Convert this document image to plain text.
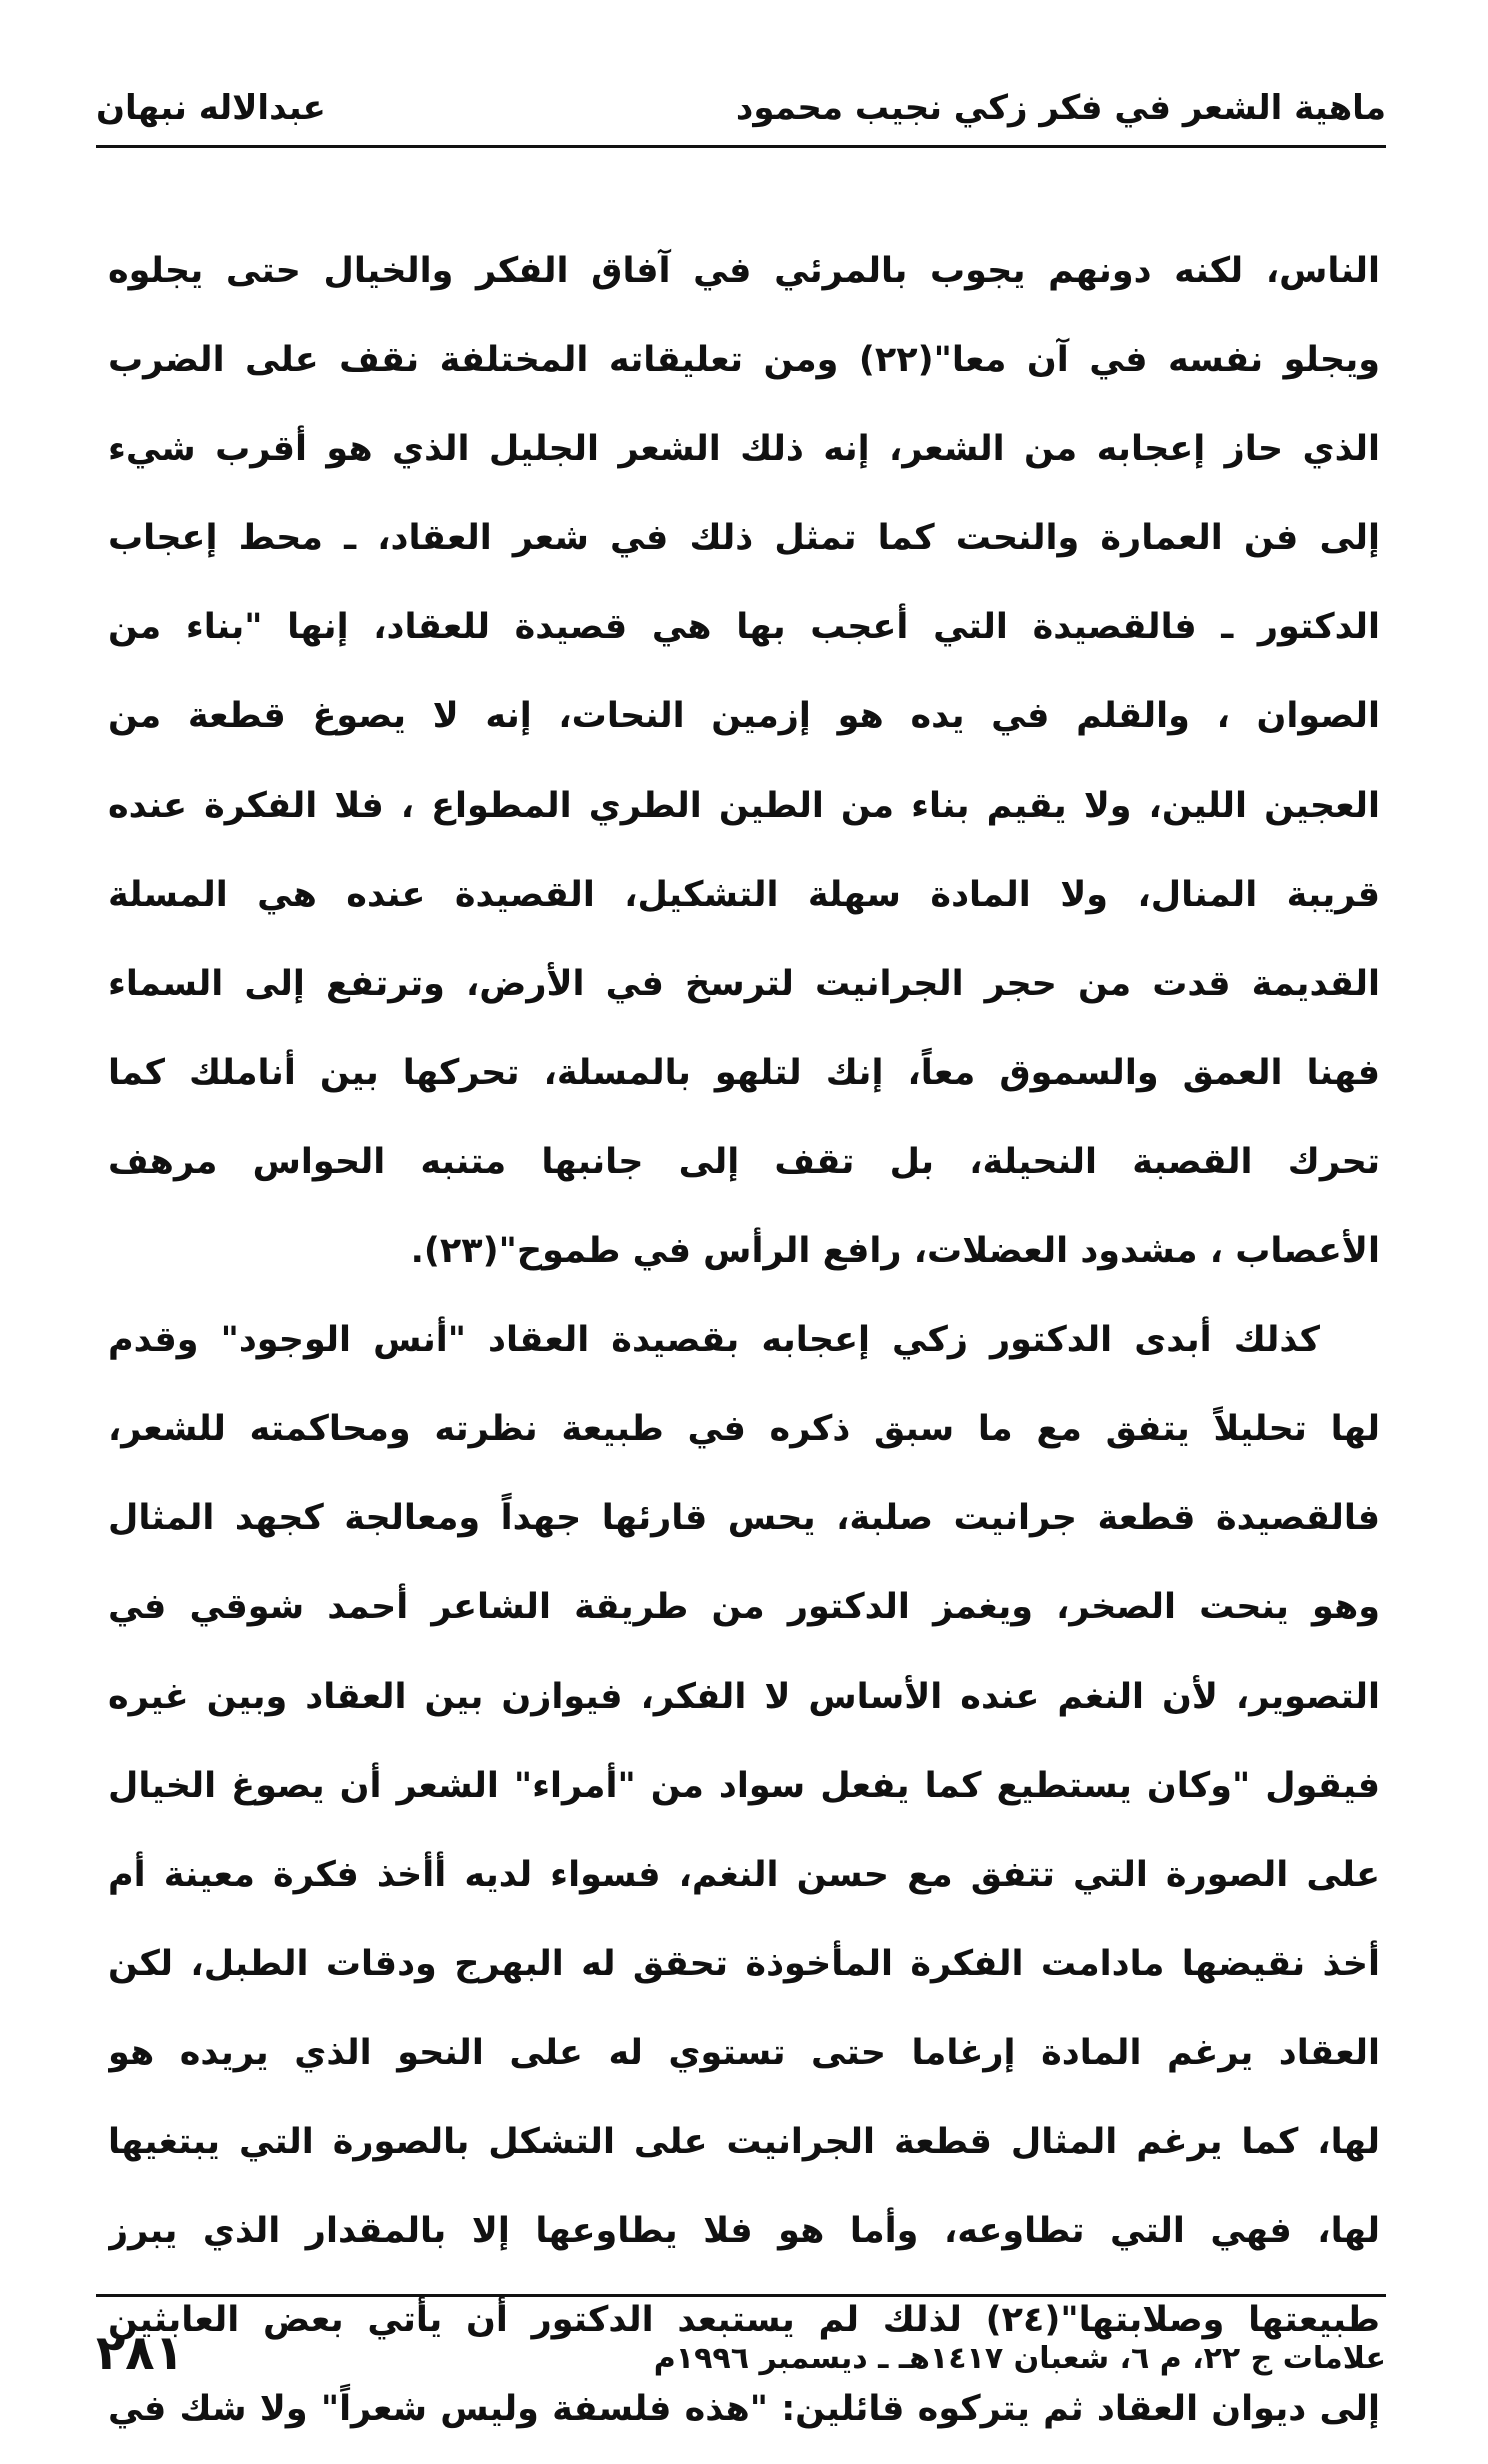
ماهية الشعر في فكر زكي نجيب محمود
عبدالاله نبهان
الناس، لكنه دونهم يجوب بالمرئي في آفاق الفكر والخيال حتى يجلوه
ويجلو نفسه في آن معا"(٢٢) ومن تعليقاته المختلفة نقف على الضرب
الذي حاز إعجابه من الشعر، إنه ذلك الشعر الجليل الذي هو أقرب شيء
إلى فن العمارة والنحت كما تمثل ذلك في شعر العقاد، ـ محط إعجاب
الدكتور ـ فالقصيدة التي أعجب بها هي قصيدة للعقاد، إنها "بناء من
الصوان ، والقلم في يده هو إزمين النحات، إنه لا يصوغ قطعة من
العجين اللين، ولا يقيم بناء من الطين الطري المطواع ، فلا الفكرة عنده
قريبة المنال، ولا المادة سهلة التشكيل، القصيدة عنده هي المسلة
القديمة قدت من حجر الجرانيت لترسخ في الأرض، وترتفع إلى السماء
فهنا العمق والسموق معاً، إنك لتلهو بالمسلة، تحركها بين أناملك كما
تحرك القصبة النحيلة، بل تقف إلى جانبها متنبه الحواس مرهف
الأعصاب ، مشدود العضلات، رافع الرأس في طموح"(٢٣).
كذلك أبدى الدكتور زكي إعجابه بقصيدة العقاد "أنس الوجود" وقدم
لها تحليلاً يتفق مع ما سبق ذكره في طبيعة نظرته ومحاكمته للشعر،
فالقصيدة قطعة جرانيت صلبة، يحس قارئها جهداً ومعالجة كجهد المثال
وهو ينحت الصخر، ويغمز الدكتور من طريقة الشاعر أحمد شوقي في
التصوير، لأن النغم عنده الأساس لا الفكر، فيوازن بين العقاد وبين غيره
فيقول "وكان يستطيع كما يفعل سواد من "أمراء" الشعر أن يصوغ الخيال
على الصورة التي تتفق مع حسن النغم، فسواء لديه أأخذ فكرة معينة أم
أخذ نقيضها مادامت الفكرة المأخوذة تحقق له البهرج ودقات الطبل، لكن
العقاد يرغم المادة إرغاما حتى تستوي له على النحو الذي يريده هو
لها، كما يرغم المثال قطعة الجرانيت على التشكل بالصورة التي يبتغيها
لها، فهي التي تطاوعه، وأما هو فلا يطاوعها إلا بالمقدار الذي يبرز
طبيعتها وصلابتها"(٢٤) لذلك لم يستبعد الدكتور أن يأتي بعض العابثين
إلى ديوان العقاد ثم يتركوه قائلين: "هذه فلسفة وليس شعراً" ولا شك في
علامات ج ٢٢، م ٦، شعبان ١٤١٧هـ ـ ديسمبر ١٩٩٦م
٢٨١
